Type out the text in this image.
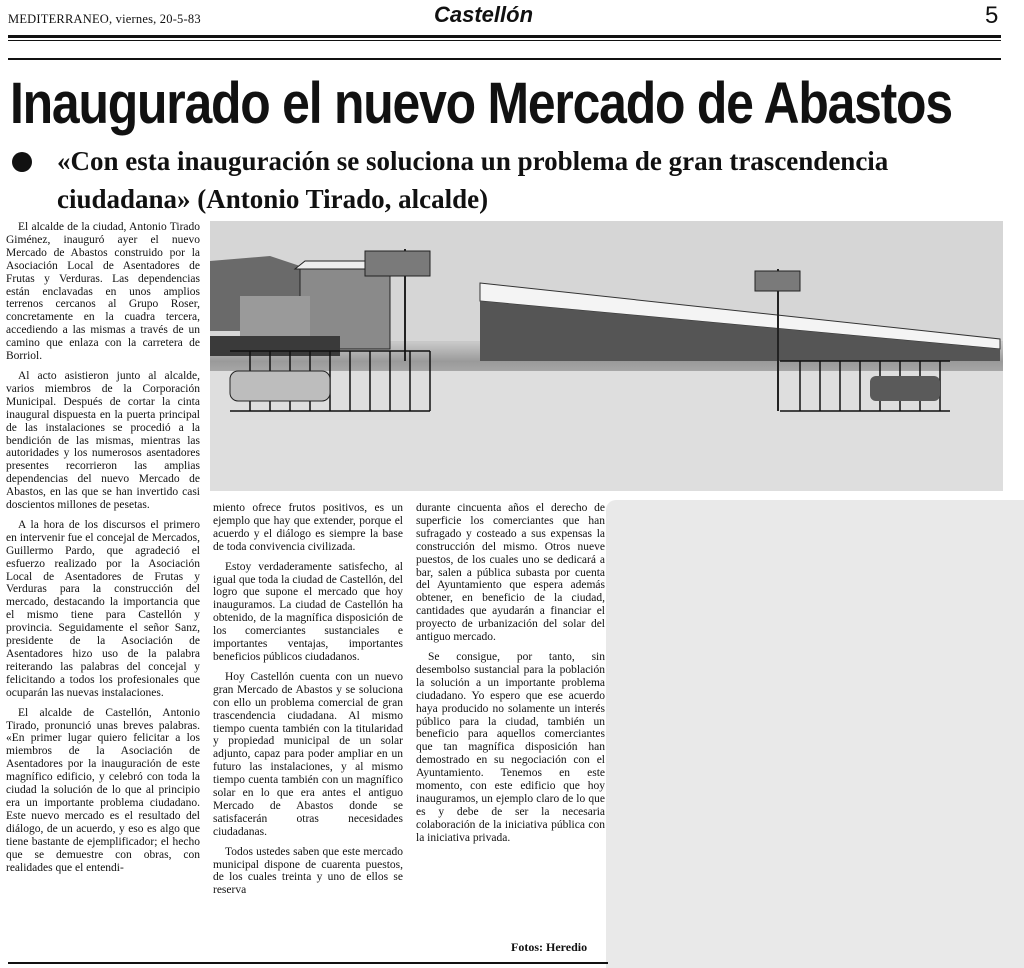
MEDITERRANEO, viernes, 20-5-83	Castellón	5
Inaugurado el nuevo Mercado de Abastos
«Con esta inauguración se soluciona un problema de gran trascendencia ciudadana» (Antonio Tirado, alcalde)

El alcalde de la ciudad, Antonio Tirado Giménez, inauguró ayer el nuevo Mercado de Abastos construido por la Asociación Local de Asentadores de Frutas y Verduras. Las dependencias están enclavadas en unos amplios terrenos cercanos al Grupo Roser, concretamente en la cuadra tercera, accediendo a las mismas a través de un camino que enlaza con la carretera de Borriol.

Al acto asistieron junto al alcalde, varios miembros de la Corporación Municipal. Después de cortar la cinta inaugural dispuesta en la puerta principal de las instalaciones se procedió a la bendición de las mismas, mientras las autoridades y los numerosos asentadores presentes recorrieron las amplias dependencias del nuevo Mercado de Abastos, en las que se han invertido casi doscientos millones de pesetas.

A la hora de los discursos el primero en intervenir fue el concejal de Mercados, Guillermo Pardo, que agradeció el esfuerzo realizado por la Asociación Local de Asentadores de Frutas y Verduras para la construcción del mercado, destacando la importancia que el mismo tiene para Castellón y provincia. Seguidamente el señor Sanz, presidente de la Asociación de Asentadores hizo uso de la palabra reiterando las palabras del concejal y felicitando a todos los profesionales que ocuparán las nuevas instalaciones.

El alcalde de Castellón, Antonio Tirado, pronunció unas breves palabras. «En primer lugar quiero felicitar a los miembros de la Asociación de Asentadores por la inauguración de este magnífico edificio, y celebró con toda la ciudad la solución de lo que al principio era un importante problema ciudadano. Este nuevo mercado es el resultado del diálogo, de un acuerdo, y eso es algo que tiene bastante de ejemplificador; el hecho que se demuestre con obras, con realidades que el entendi-

miento ofrece frutos positivos, es un ejemplo que hay que extender, porque el acuerdo y el diálogo es siempre la base de toda convivencia civilizada.

Estoy verdaderamente satisfecho, al igual que toda la ciudad de Castellón, del logro que supone el mercado que hoy inauguramos. La ciudad de Castellón ha obtenido, de la magnífica disposición de los comerciantes sustanciales e importantes ventajas, importantes beneficios públicos ciudadanos.

Hoy Castellón cuenta con un nuevo gran Mercado de Abastos y se soluciona con ello un problema comercial de gran trascendencia ciudadana. Al mismo tiempo cuenta también con la titularidad y propiedad municipal de un solar adjunto, capaz para poder ampliar en un futuro las instalaciones, y al mismo tiempo cuenta también con un magnífico solar en lo que era antes el antiguo Mercado de Abastos donde se satisfacerán otras necesidades ciudadanas.

Todos ustedes saben que este mercado municipal dispone de cuarenta puestos, de los cuales treinta y uno de ellos se reserva

durante cincuenta años el derecho de superficie los comerciantes que han sufragado y costeado a sus expensas la construcción del mismo. Otros nueve puestos, de los cuales uno se dedicará a bar, salen a pública subasta por cuenta del Ayuntamiento que espera además obtener, en beneficio de la ciudad, cantidades que ayudarán a financiar el proyecto de urbanización del solar del antiguo mercado.

Se consigue, por tanto, sin desembolso sustancial para la población la solución a un importante problema ciudadano. Yo espero que ese acuerdo haya producido no solamente un interés público para la ciudad, también un beneficio para aquellos comerciantes que tan magnífica disposición han demostrado en su negociación con el Ayuntamiento. Tenemos en este momento, con este edificio que hoy inauguramos, un ejemplo claro de lo que es y debe de ser la necesaria colaboración de la iniciativa pública con la iniciativa privada.

Fotos: Heredio
